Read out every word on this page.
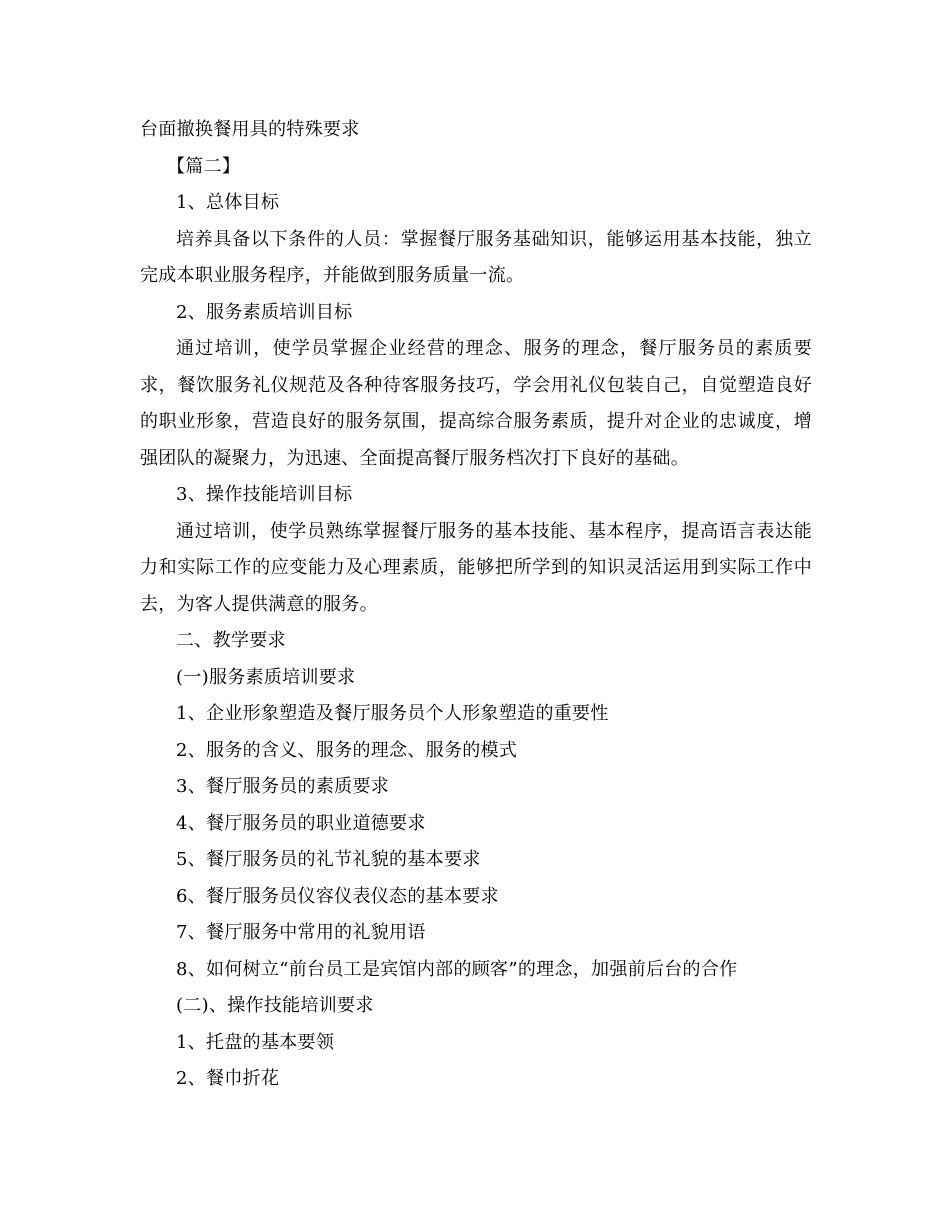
台面撤换餐用具的特殊要求
【篇二】
1、总体目标
培养具备以下条件的人员：掌握餐厅服务基础知识，能够运用基本技能，独立完成本职业服务程序，并能做到服务质量一流。
2、服务素质培训目标
通过培训，使学员掌握企业经营的理念、服务的理念，餐厅服务员的素质要求，餐饮服务礼仪规范及各种待客服务技巧，学会用礼仪包装自己，自觉塑造良好的职业形象，营造良好的服务氛围，提高综合服务素质，提升对企业的忠诚度，增强团队的凝聚力，为迅速、全面提高餐厅服务档次打下良好的基础。
3、操作技能培训目标
通过培训，使学员熟练掌握餐厅服务的基本技能、基本程序，提高语言表达能力和实际工作的应变能力及心理素质，能够把所学到的知识灵活运用到实际工作中去，为客人提供满意的服务。
二、教学要求
(一)服务素质培训要求
1、企业形象塑造及餐厅服务员个人形象塑造的重要性
2、服务的含义、服务的理念、服务的模式
3、餐厅服务员的素质要求
4、餐厅服务员的职业道德要求
5、餐厅服务员的礼节礼貌的基本要求
6、餐厅服务员仪容仪表仪态的基本要求
7、餐厅服务中常用的礼貌用语
8、如何树立“前台员工是宾馆内部的顾客”的理念，加强前后台的合作
(二)、操作技能培训要求
1、托盘的基本要领
2、餐巾折花
